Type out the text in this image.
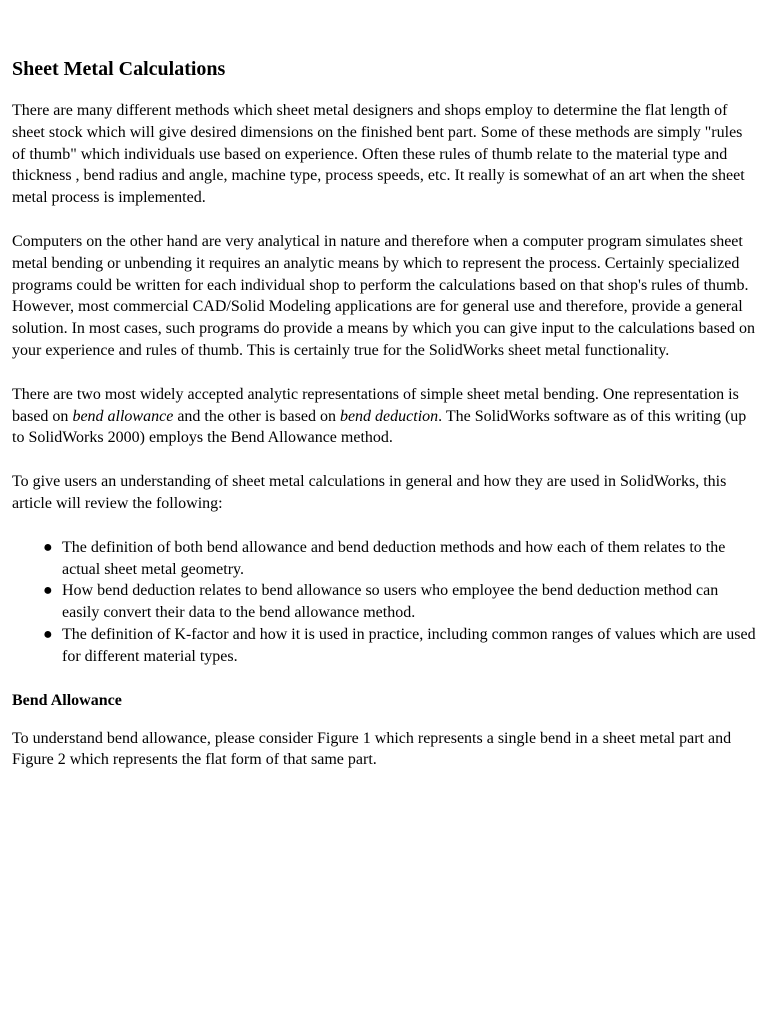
Sheet Metal Calculations

There are many different methods which sheet metal designers and shops employ to determine the flat length of sheet stock which will give desired dimensions on the finished bent part. Some of these methods are simply "rules of thumb" which individuals use based on experience. Often these rules of thumb relate to the material type and thickness , bend radius and angle, machine type, process speeds, etc. It really is somewhat of an art when the sheet metal process is implemented.

Computers on the other hand are very analytical in nature and therefore when a computer program simulates sheet metal bending or unbending it requires an analytic means by which to represent the process. Certainly specialized programs could be written for each individual shop to perform the calculations based on that shop's rules of thumb. However, most commercial CAD/Solid Modeling applications are for general use and therefore, provide a general solution. In most cases, such programs do provide a means by which you can give input to the calculations based on your experience and rules of thumb. This is certainly true for the SolidWorks sheet metal functionality.

There are two most widely accepted analytic representations of simple sheet metal bending. One representation is based on bend allowance and the other is based on bend deduction. The SolidWorks software as of this writing (up to SolidWorks 2000) employs the Bend Allowance method.

To give users an understanding of sheet metal calculations in general and how they are used in SolidWorks, this article will review the following:

● The definition of both bend allowance and bend deduction methods and how each of them relates to the actual sheet metal geometry.
● How bend deduction relates to bend allowance so users who employee the bend deduction method can easily convert their data to the bend allowance method.
● The definition of K-factor and how it is used in practice, including common ranges of values which are used for different material types.
Bend Allowance

To understand bend allowance, please consider Figure 1 which represents a single bend in a sheet metal part and Figure 2 which represents the flat form of that same part.
